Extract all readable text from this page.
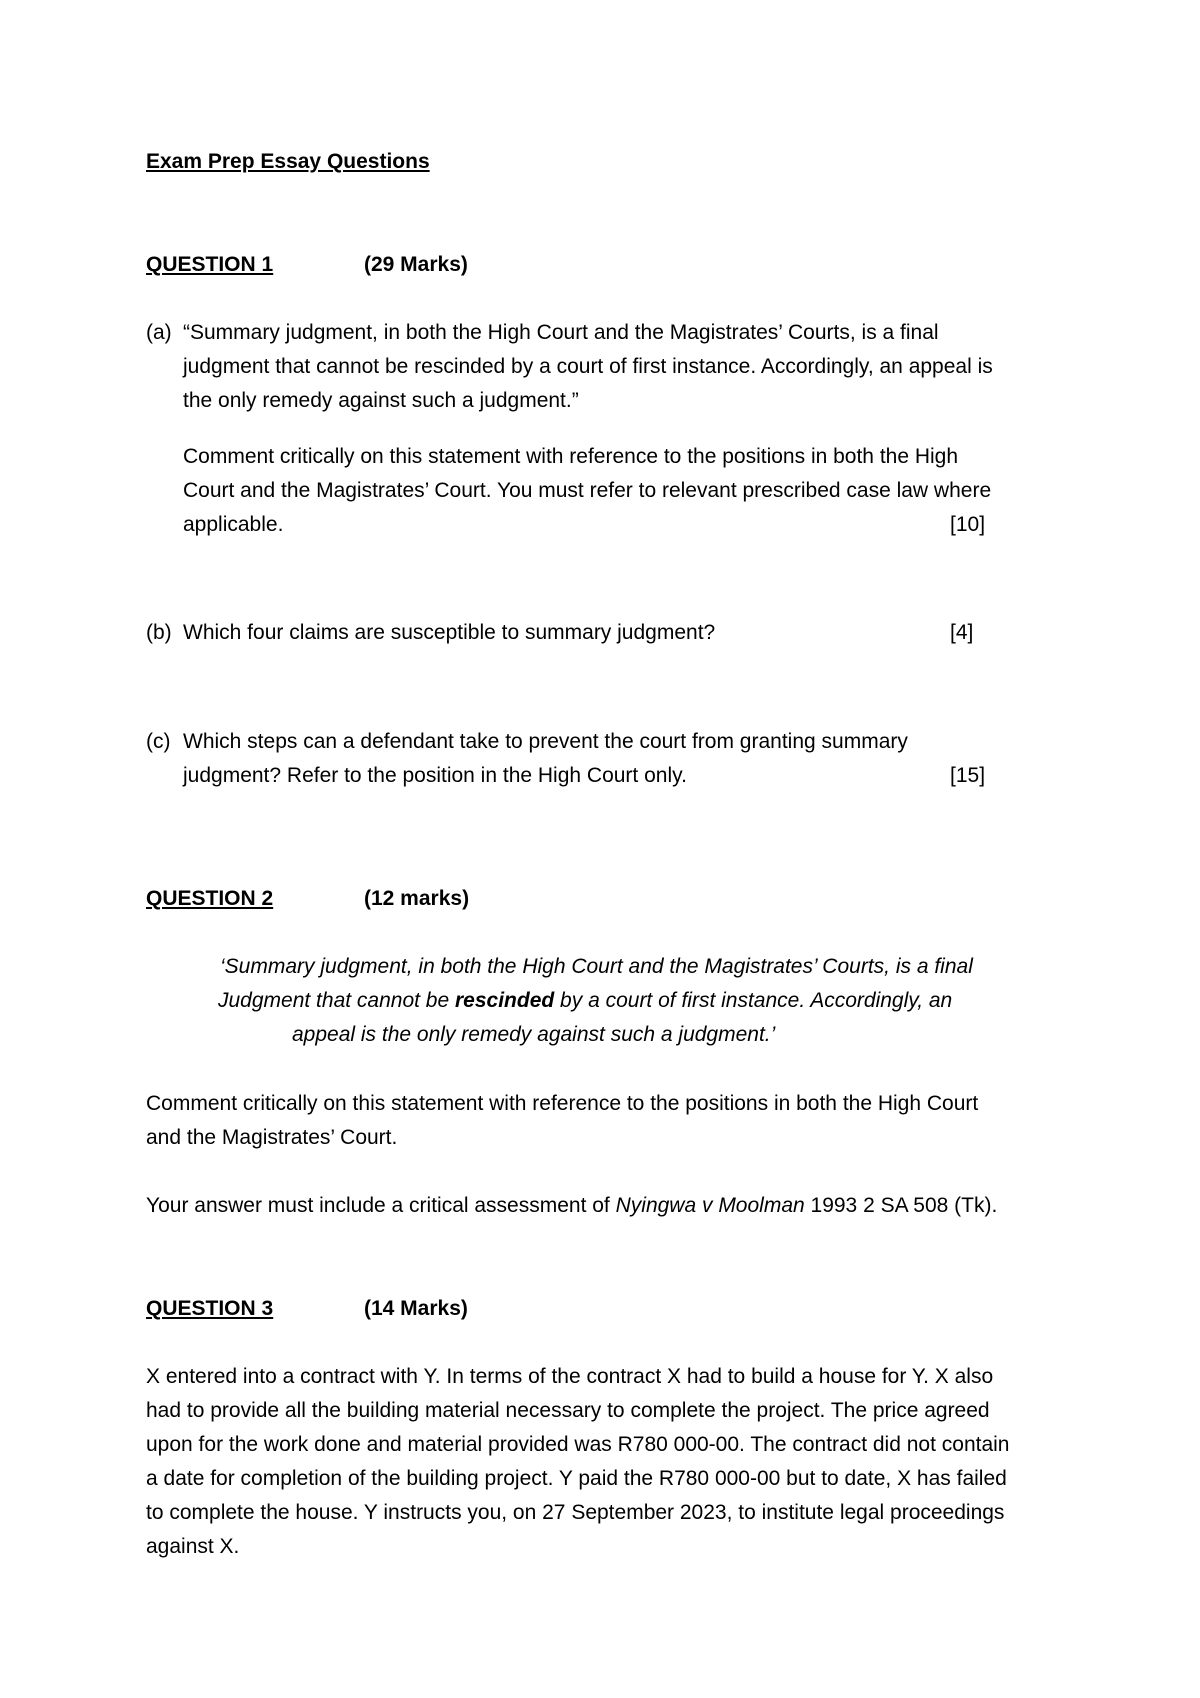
Exam Prep Essay Questions
QUESTION 1	(29 Marks)
(a) “Summary judgment, in both the High Court and the Magistrates’ Courts, is a final
judgment that cannot be rescinded by a court of first instance. Accordingly, an appeal is
the only remedy against such a judgment.”
Comment critically on this statement with reference to the positions in both the High
Court and the Magistrates’ Court. You must refer to relevant prescribed case law where
applicable.	[10]
(b) Which four claims are susceptible to summary judgment?	[4]
(c) Which steps can a defendant take to prevent the court from granting summary
judgment? Refer to the position in the High Court only.	[15]
QUESTION 2	(12 marks)
‘Summary judgment, in both the High Court and the Magistrates’ Courts, is a final
Judgment that cannot be rescinded by a court of first instance. Accordingly, an
appeal is the only remedy against such a judgment.’
Comment critically on this statement with reference to the positions in both the High Court
and the Magistrates’ Court.
Your answer must include a critical assessment of Nyingwa v Moolman 1993 2 SA 508 (Tk).
QUESTION 3	(14 Marks)
X entered into a contract with Y. In terms of the contract X had to build a house for Y. X also
had to provide all the building material necessary to complete the project. The price agreed
upon for the work done and material provided was R780 000-00. The contract did not contain
a date for completion of the building project. Y paid the R780 000-00 but to date, X has failed
to complete the house. Y instructs you, on 27 September 2023, to institute legal proceedings
against X.
